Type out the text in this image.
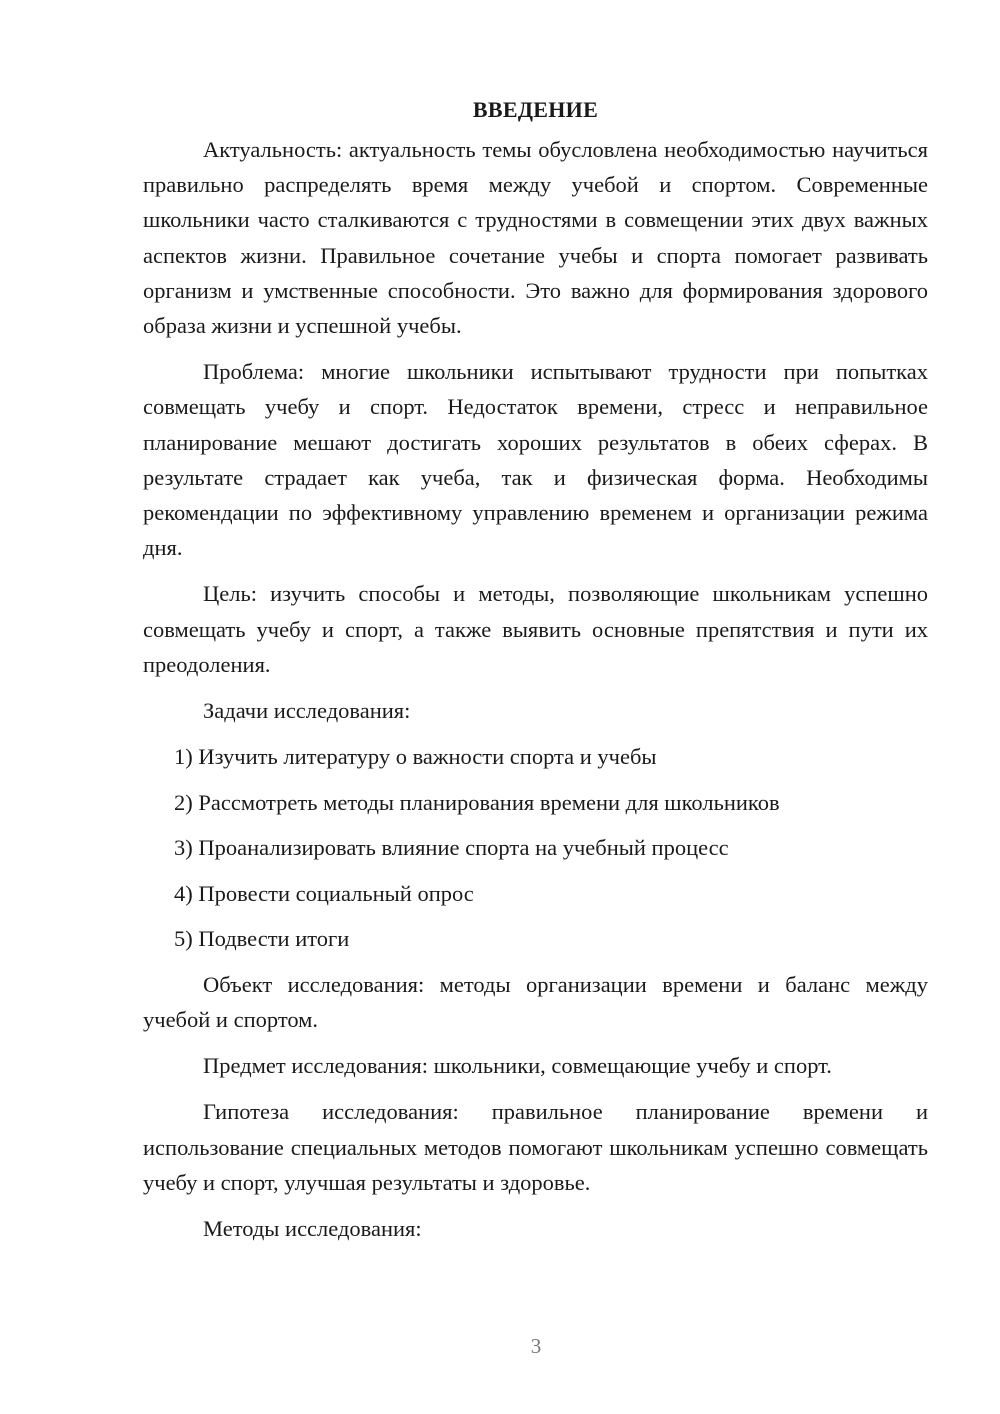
ВВЕДЕНИЕ

Актуальность: актуальность темы обусловлена необходимостью научиться правильно распределять время между учебой и спортом. Современные школьники часто сталкиваются с трудностями в совмещении этих двух важных аспектов жизни. Правильное сочетание учебы и спорта помогает развивать организм и умственные способности. Это важно для формирования здорового образа жизни и успешной учебы.

Проблема: многие школьники испытывают трудности при попытках совмещать учебу и спорт. Недостаток времени, стресс и неправильное планирование мешают достигать хороших результатов в обеих сферах. В результате страдает как учеба, так и физическая форма. Необходимы рекомендации по эффективному управлению временем и организации режима дня.

Цель: изучить способы и методы, позволяющие школьникам успешно совмещать учебу и спорт, а также выявить основные препятствия и пути их преодоления.

Задачи исследования:

1) Изучить литературу о важности спорта и учебы
2) Рассмотреть методы планирования времени для школьников
3) Проанализировать влияние спорта на учебный процесс
4) Провести социальный опрос
5) Подвести итоги

Объект исследования: методы организации времени и баланс между учебой и спортом.

Предмет исследования: школьники, совмещающие учебу и спорт.

Гипотеза исследования: правильное планирование времени и использование специальных методов помогают школьникам успешно совмещать учебу и спорт, улучшая результаты и здоровье.

Методы исследования:

3
